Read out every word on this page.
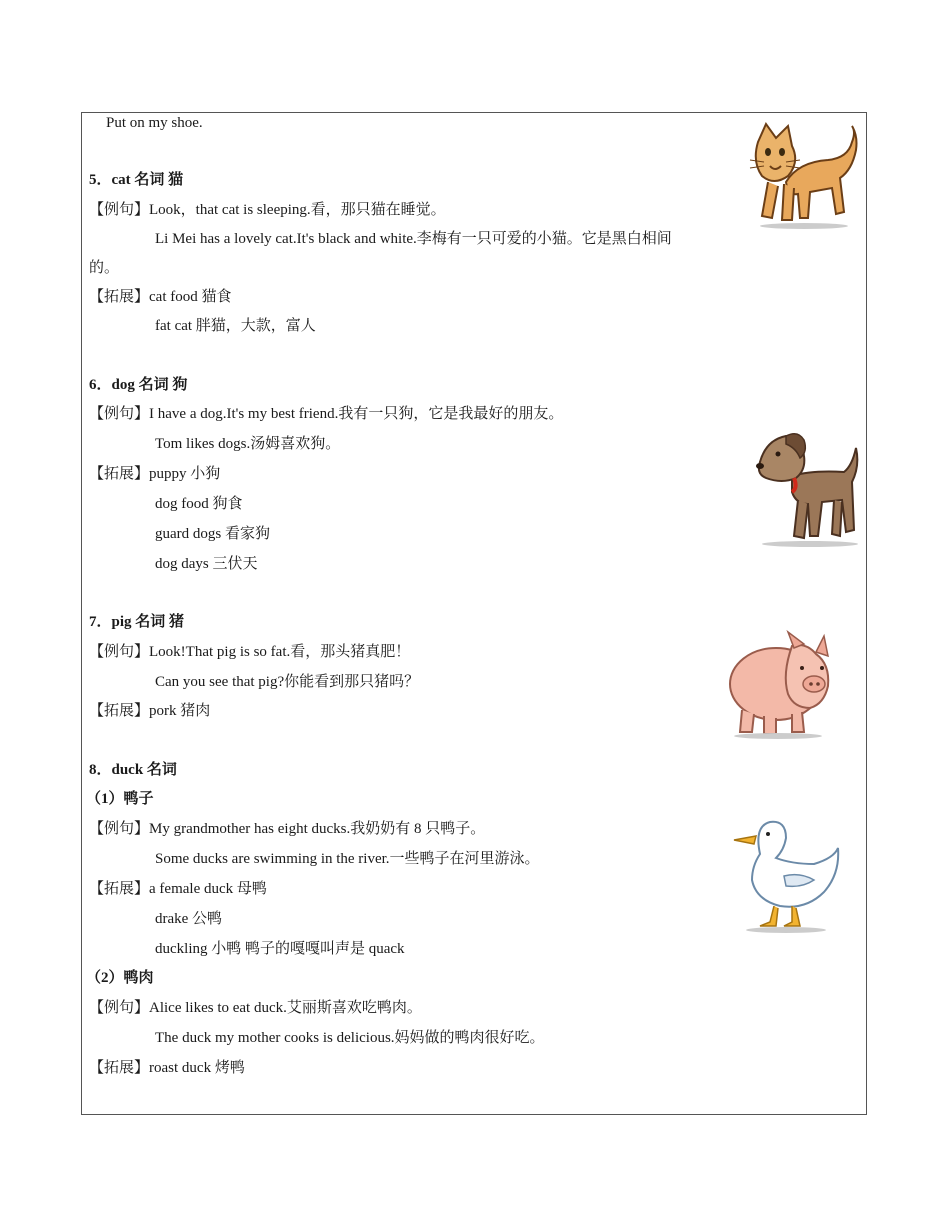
Put on my shoe.
5．cat 名词 猫
【例句】Look，that cat is sleeping.看，那只猫在睡觉。
Li Mei has a lovely cat.It's black and white.李梅有一只可爱的小猫。它是黑白相间
的。
【拓展】cat food 猫食
fat cat 胖猫，大款，富人
6．dog 名词 狗
【例句】I have a dog.It's my best friend.我有一只狗，它是我最好的朋友。
Tom likes dogs.汤姆喜欢狗。
【拓展】puppy 小狗
dog food 狗食
guard dogs 看家狗
dog days 三伏天
7．pig 名词 猪
【例句】Look!That pig is so fat.看，那头猪真肥！
Can you see that pig?你能看到那只猪吗？
【拓展】pork 猪肉
8．duck 名词
（1）鸭子
【例句】My grandmother has eight ducks.我奶奶有 8 只鸭子。
Some ducks are swimming in the river.一些鸭子在河里游泳。
【拓展】a female duck 母鸭
drake 公鸭
duckling 小鸭 鸭子的嘎嘎叫声是 quack
（2）鸭肉
【例句】Alice likes to eat duck.艾丽斯喜欢吃鸭肉。
The duck my mother cooks is delicious.妈妈做的鸭肉很好吃。
【拓展】roast duck 烤鸭
